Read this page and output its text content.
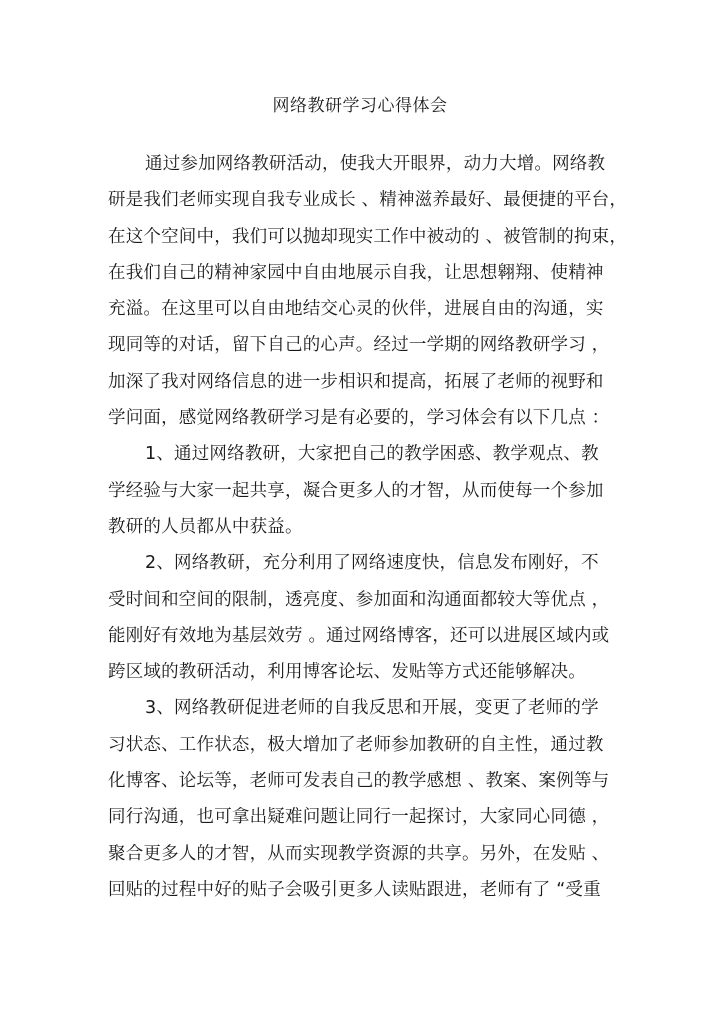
网络教研学习心得体会
通过参加网络教研活动，使我大开眼界，动力大增。网络教
研是我们老师实现自我专业成长 、精神滋养最好、最便捷的平台，
在这个空间中，我们可以抛却现实工作中被动的 、被管制的拘束，
在我们自己的精神家园中自由地展示自我，让思想翱翔、使精神
充溢。在这里可以自由地结交心灵的伙伴，进展自由的沟通，实
现同等的对话，留下自己的心声。经过一学期的网络教研学习 ，
加深了我对网络信息的进一步相识和提高，拓展了老师的视野和
学问面，感觉网络教研学习是有必要的，学习体会有以下几点 ：
1、通过网络教研，大家把自己的教学困惑、教学观点、教
学经验与大家一起共享，凝合更多人的才智，从而使每一个参加
教研的人员都从中获益。
2、网络教研，充分利用了网络速度快，信息发布刚好，不
受时间和空间的限制，透亮度、参加面和沟通面都较大等优点 ，
能刚好有效地为基层效劳 。通过网络博客，还可以进展区域内或
跨区域的教研活动，利用博客论坛、发贴等方式还能够解决。
3、网络教研促进老师的自我反思和开展，变更了老师的学
习状态、工作状态，极大增加了老师参加教研的自主性，通过教
化博客、论坛等，老师可发表自己的教学感想 、教案、案例等与
同行沟通，也可拿出疑难问题让同行一起探讨，大家同心同德 ，
聚合更多人的才智，从而实现教学资源的共享。另外，在发贴 、
回贴的过程中好的贴子会吸引更多人读贴跟进，老师有了 “受重
